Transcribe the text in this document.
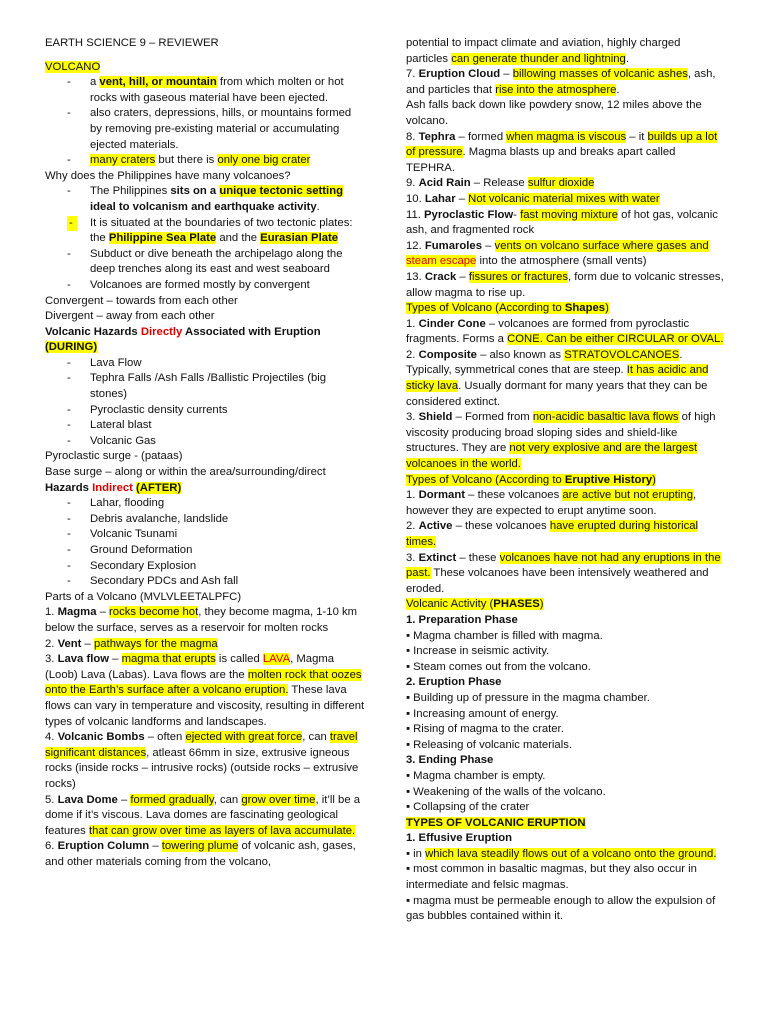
EARTH SCIENCE 9 – REVIEWER

VOLCANO

- a vent, hill, or mountain from which molten or hot rocks with gaseous material have been ejected.
- also craters, depressions, hills, or mountains formed by removing pre-existing material or accumulating ejected materials.
- many craters but there is only one big crater

Why does the Philippines have many volcanoes?

- The Philippines sits on a unique tectonic setting ideal to volcanism and earthquake activity.
- It is situated at the boundaries of two tectonic plates: the Philippine Sea Plate and the Eurasian Plate
- Subduct or dive beneath the archipelago along the deep trenches along its east and west seaboard
- Volcanoes are formed mostly by convergent

Convergent – towards from each other

Divergent – away from each other

Volcanic Hazards Directly Associated with Eruption (DURING)

- Lava Flow
- Tephra Falls /Ash Falls /Ballistic Projectiles (big stones)
- Pyroclastic density currents
- Lateral blast
- Volcanic Gas

Pyroclastic surge - (pataas)

Base surge – along or within the area/surrounding/direct

Hazards Indirect (AFTER)

- Lahar, flooding
- Debris avalanche, landslide
- Volcanic Tsunami
- Ground Deformation
- Secondary Explosion
- Secondary PDCs and Ash fall

Parts of a Volcano (MVLVLEETALPFC)

1. Magma – rocks become hot, they become magma, 1-10 km below the surface, serves as a reservoir for molten rocks

2. Vent – pathways for the magma

3. Lava flow – magma that erupts is called LAVA, Magma (Loob) Lava (Labas). Lava flows are the molten rock that oozes onto the Earth’s surface after a volcano eruption. These lava flows can vary in temperature and viscosity, resulting in different types of volcanic landforms and landscapes.

4. Volcanic Bombs – often ejected with great force, can travel significant distances, atleast 66mm in size, extrusive igneous rocks (inside rocks – intrusive rocks) (outside rocks – extrusive rocks)

5. Lava Dome – formed gradually, can grow over time, it’ll be a dome if it’s viscous. Lava domes are fascinating geological features that can grow over time as layers of lava accumulate.

6. Eruption Column – towering plume of volcanic ash, gases, and other materials coming from the volcano,

potential to impact climate and aviation, highly charged particles can generate thunder and lightning.

7. Eruption Cloud – billowing masses of volcanic ashes, ash, and particles that rise into the atmosphere.

Ash falls back down like powdery snow, 12 miles above the volcano.

8. Tephra – formed when magma is viscous – it builds up a lot of pressure. Magma blasts up and breaks apart called TEPHRA.

9. Acid Rain – Release sulfur dioxide

10. Lahar – Not volcanic material mixes with water

11. Pyroclastic Flow- fast moving mixture of hot gas, volcanic ash, and fragmented rock

12. Fumaroles – vents on volcano surface where gases and steam escape into the atmosphere (small vents)

13. Crack – fissures or fractures, form due to volcanic stresses, allow magma to rise up.

Types of Volcano (According to Shapes)

1. Cinder Cone – volcanoes are formed from pyroclastic fragments. Forms a CONE. Can be either CIRCULAR or OVAL.

2. Composite – also known as STRATOVOLCANOES. Typically, symmetrical cones that are steep. It has acidic and sticky lava. Usually dormant for many years that they can be considered extinct.

3. Shield – Formed from non-acidic basaltic lava flows of high viscosity producing broad sloping sides and shield-like structures. They are not very explosive and are the largest volcanoes in the world.

Types of Volcano (According to Eruptive History)

1. Dormant – these volcanoes are active but not erupting, however they are expected to erupt anytime soon.

2. Active – these volcanoes have erupted during historical times.

3. Extinct – these volcanoes have not had any eruptions in the past. These volcanoes have been intensively weathered and eroded.

Volcanic Activity (PHASES)

1. Preparation Phase

▪ Magma chamber is filled with magma.

▪ Increase in seismic activity.

▪ Steam comes out from the volcano.

2. Eruption Phase

▪ Building up of pressure in the magma chamber.

▪ Increasing amount of energy.

▪ Rising of magma to the crater.

▪ Releasing of volcanic materials.

3. Ending Phase

▪ Magma chamber is empty.

▪ Weakening of the walls of the volcano.

▪ Collapsing of the crater

TYPES OF VOLCANIC ERUPTION

1. Effusive Eruption

▪ in which lava steadily flows out of a volcano onto the ground.

▪ most common in basaltic magmas, but they also occur in intermediate and felsic magmas.

▪ magma must be permeable enough to allow the expulsion of gas bubbles contained within it.
